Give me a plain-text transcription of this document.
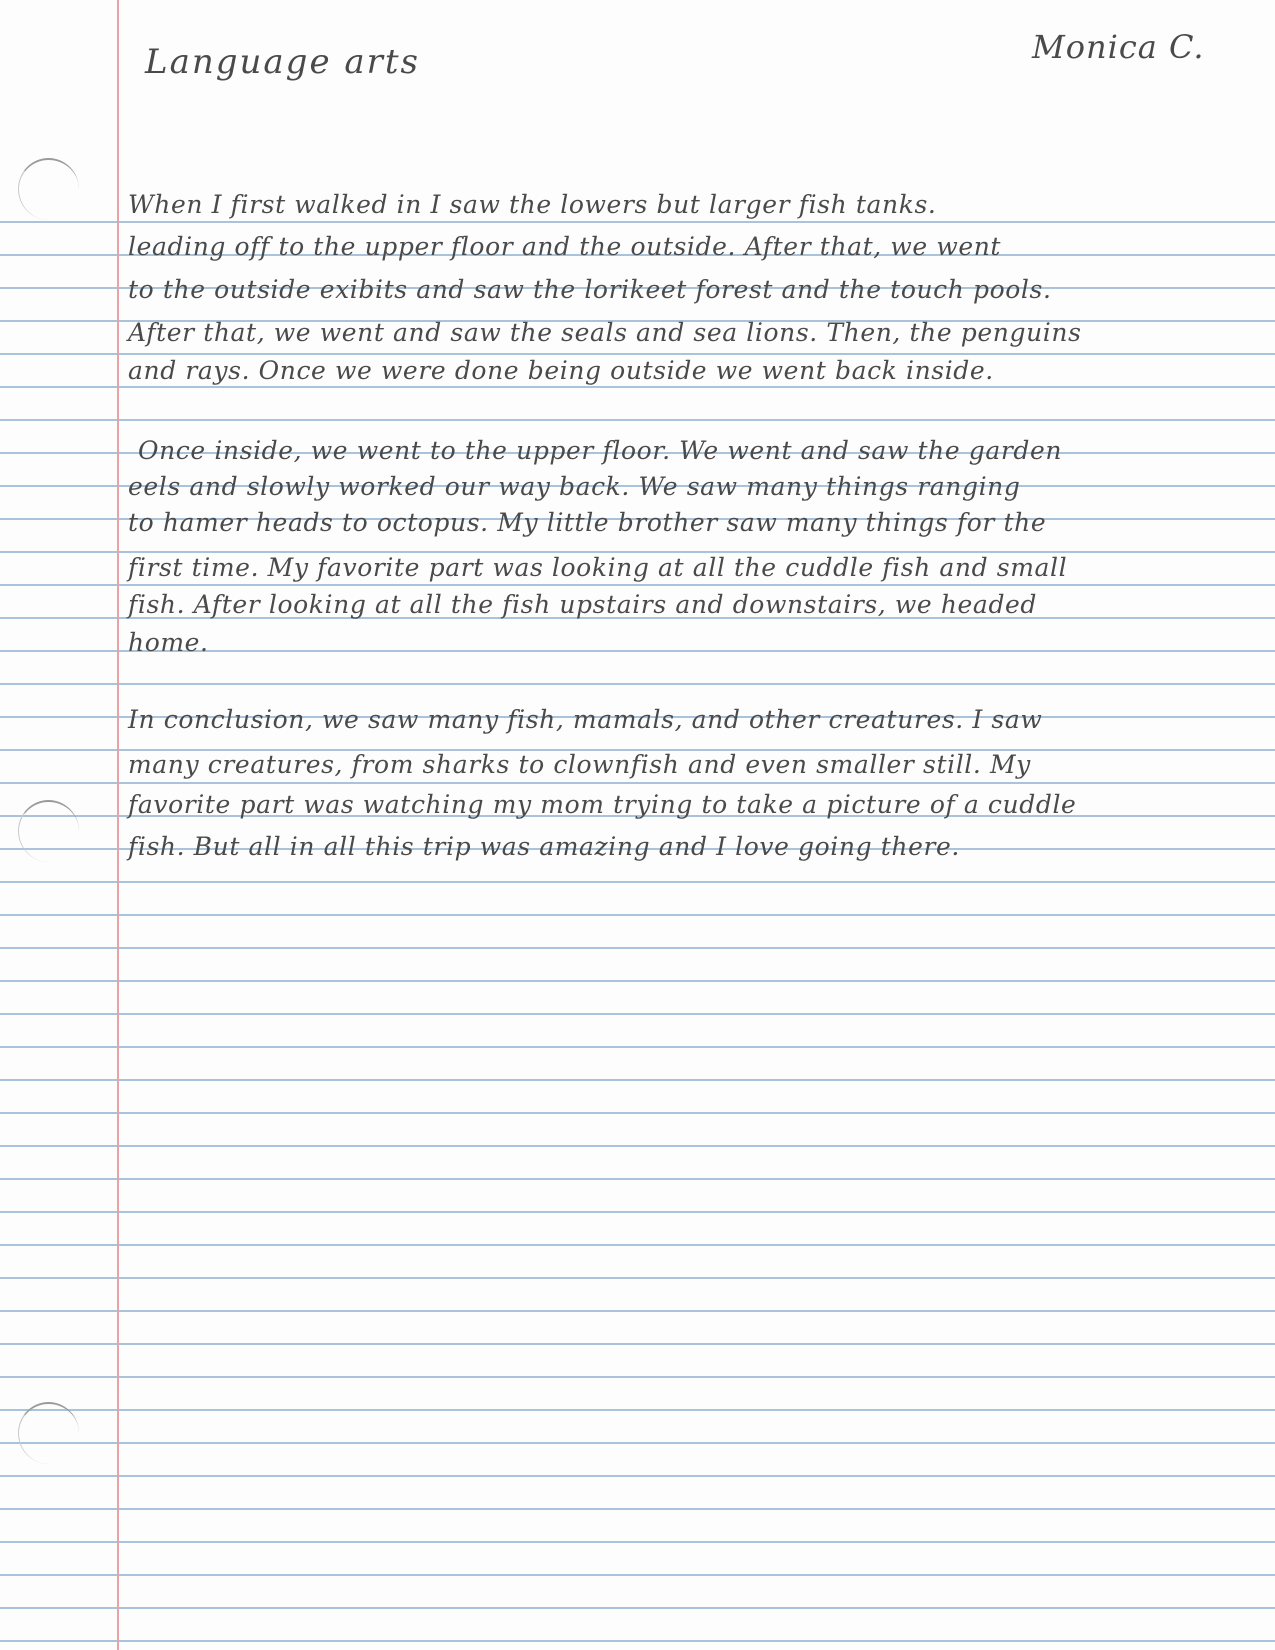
Language arts	Monica C.
When I first walked in I saw the lowers but larger fish tanks.
leading off to the upper floor and the outside. After that, we went
to the outside exibits and saw the lorikeet forest and the touch pools.
After that, we went and saw the seals and sea lions. Then, the penguins
and rays. Once we were done being outside we went back inside.
Once inside, we went to the upper floor. We went and saw the garden
eels and slowly worked our way back. We saw many things ranging
to hamer heads to octopus. My little brother saw many things for the
first time. My favorite part was looking at all the cuddle fish and small
fish. After looking at all the fish upstairs and downstairs, we headed
home.
In conclusion, we saw many fish, mamals, and other creatures. I saw
many creatures, from sharks to clownfish and even smaller still. My
favorite part was watching my mom trying to take a picture of a cuddle
fish. But all in all this trip was amazing and I love going there.
